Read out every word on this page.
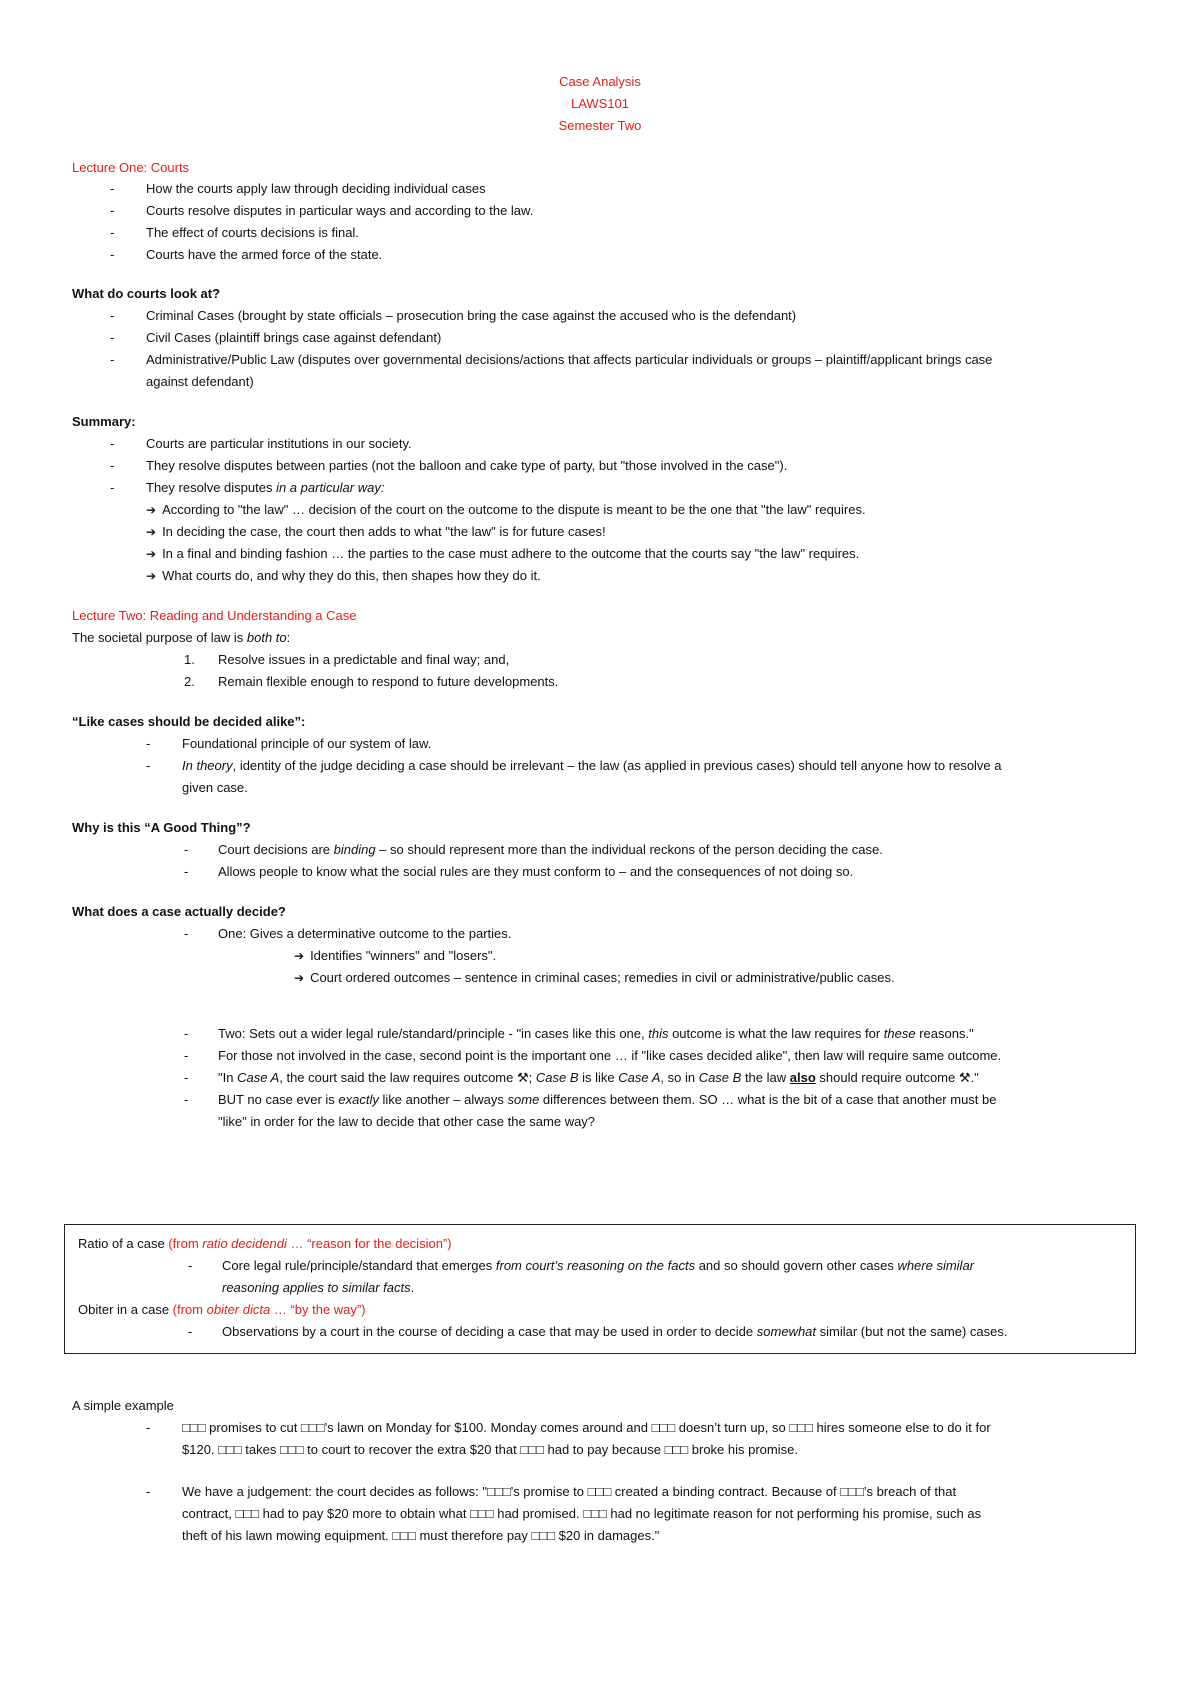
Case Analysis
LAWS101
Semester Two
Lecture One: Courts
- How the courts apply law through deciding individual cases
- Courts resolve disputes in particular ways and according to the law.
- The effect of courts decisions is final.
- Courts have the armed force of the state.
What do courts look at?
- Criminal Cases (brought by state officials – prosecution bring the case against the accused who is the defendant)
- Civil Cases (plaintiff brings case against defendant)
- Administrative/Public Law (disputes over governmental decisions/actions that affects particular individuals or groups – plaintiff/applicant brings case
against defendant)
Summary:
- Courts are particular institutions in our society.
- They resolve disputes between parties (not the balloon and cake type of party, but "those involved in the case").
- They resolve disputes in a particular way:
➔ According to "the law" … decision of the court on the outcome to the dispute is meant to be the one that "the law" requires.
➔ In deciding the case, the court then adds to what "the law" is for future cases!
➔ In a final and binding fashion … the parties to the case must adhere to the outcome that the courts say "the law" requires.
➔ What courts do, and why they do this, then shapes how they do it.
Lecture Two: Reading and Understanding a Case
The societal purpose of law is both to:
1. Resolve issues in a predictable and final way; and,
2. Remain flexible enough to respond to future developments.
“Like cases should be decided alike”:
- Foundational principle of our system of law.
- In theory, identity of the judge deciding a case should be irrelevant – the law (as applied in previous cases) should tell anyone how to resolve a
given case.
Why is this “A Good Thing”?
- Court decisions are binding – so should represent more than the individual reckons of the person deciding the case.
- Allows people to know what the social rules are they must conform to – and the consequences of not doing so.
What does a case actually decide?
- One: Gives a determinative outcome to the parties.
➔ Identifies "winners" and "losers".
➔ Court ordered outcomes – sentence in criminal cases; remedies in civil or administrative/public cases.
- Two: Sets out a wider legal rule/standard/principle - "in cases like this one, this outcome is what the law requires for these reasons."
- For those not involved in the case, second point is the important one … if "like cases decided alike", then law will require same outcome.
- "In Case A, the court said the law requires outcome ⚒; Case B is like Case A, so in Case B the law also should require outcome ⚒."
- BUT no case ever is exactly like another – always some differences between them. SO … what is the bit of a case that another must be
"like" in order for the law to decide that other case the same way?
Ratio of a case (from ratio decidendi … “reason for the decision”)
- Core legal rule/principle/standard that emerges from court’s reasoning on the facts and so should govern other cases where similar
reasoning applies to similar facts.
Obiter in a case (from obiter dicta … “by the way”)
- Observations by a court in the course of deciding a case that may be used in order to decide somewhat similar (but not the same) cases.
A simple example
- □□□ promises to cut □□□’s lawn on Monday for $100. Monday comes around and □□□ doesn’t turn up, so □□□ hires someone else to do it for
$120. □□□ takes □□□ to court to recover the extra $20 that □□□ had to pay because □□□ broke his promise.
- We have a judgement: the court decides as follows: "□□□’s promise to □□□ created a binding contract. Because of □□□’s breach of that
contract, □□□ had to pay $20 more to obtain what □□□ had promised. □□□ had no legitimate reason for not performing his promise, such as
theft of his lawn mowing equipment. □□□ must therefore pay □□□ $20 in damages."
